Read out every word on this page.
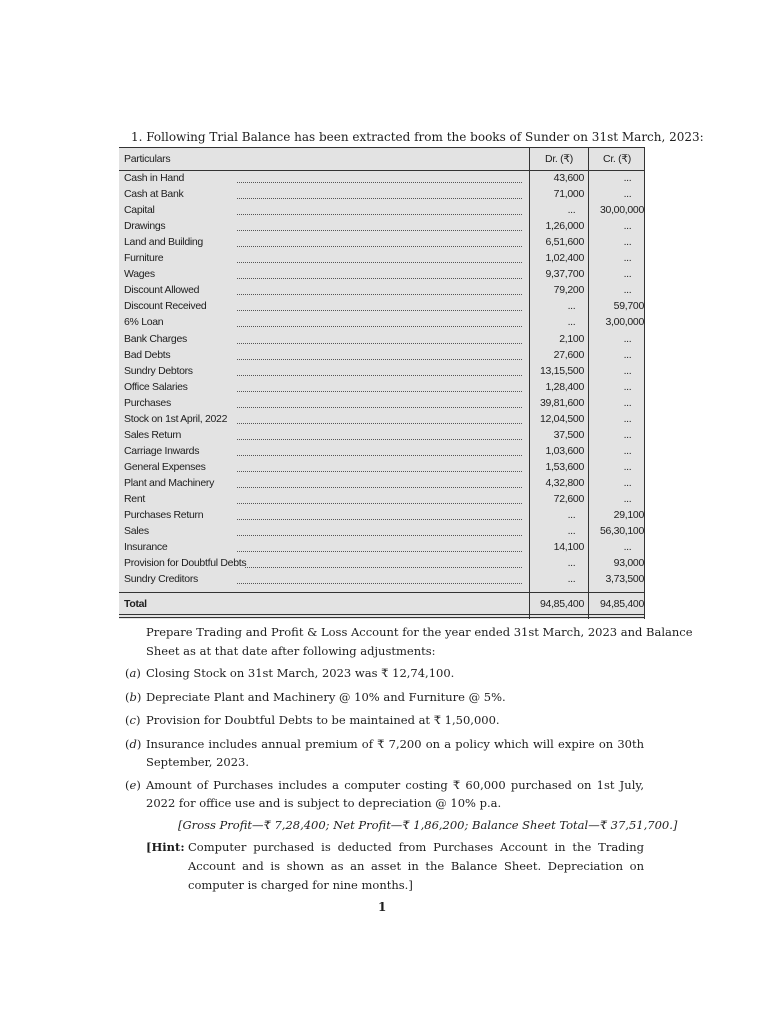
1. Following Trial Balance has been extracted from the books of Sunder on 31st March, 2023:
Particulars	Dr. (₹)	Cr. (₹)
Cash in Hand	43,600	...
Cash at Bank	71,000	...
Capital	...	30,00,000
Drawings	1,26,000	...
Land and Building	6,51,600	...
Furniture	1,02,400	...
Wages	9,37,700	...
Discount Allowed	79,200	...
Discount Received	...	59,700
6% Loan	...	3,00,000
Bank Charges	2,100	...
Bad Debts	27,600	...
Sundry Debtors	13,15,500	...
Office Salaries	1,28,400	...
Purchases	39,81,600	...
Stock on 1st April, 2022	12,04,500	...
Sales Return	37,500	...
Carriage Inwards	1,03,600	...
General Expenses	1,53,600	...
Plant and Machinery	4,32,800	...
Rent	72,600	...
Purchases Return	...	29,100
Sales	...	56,30,100
Insurance	14,100	...
Provision for Doubtful Debts	...	93,000
Sundry Creditors	...	3,73,500
Total	94,85,400	94,85,400
Prepare Trading and Profit & Loss Account for the year ended 31st March, 2023 and Balance
Sheet as at that date after following adjustments:
(a) Closing Stock on 31st March, 2023 was ₹ 12,74,100.
(b) Depreciate Plant and Machinery @ 10% and Furniture @ 5%.
(c) Provision for Doubtful Debts to be maintained at ₹ 1,50,000.
(d) Insurance includes annual premium of ₹ 7,200 on a policy which will expire on 30th September, 2023.
(e) Amount of Purchases includes a computer costing ₹ 60,000 purchased on 1st July, 2022 for office use and is subject to depreciation @ 10% p.a.
[Gross Profit—₹ 7,28,400; Net Profit—₹ 1,86,200; Balance Sheet Total—₹ 37,51,700.]
[Hint: Computer purchased is deducted from Purchases Account in the Trading Account and is shown as an asset in the Balance Sheet. Depreciation on computer is charged for nine months.]
1
